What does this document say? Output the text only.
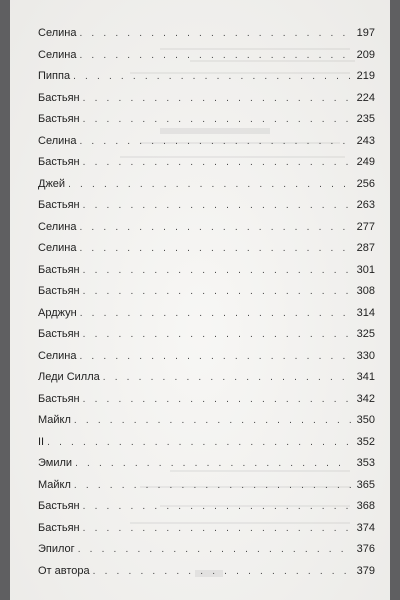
Селина . . .	197
Селина . . .	209
Пиппа . . .	219
Бастьян . . .	224
Бастьян . . .	235
Селина . . .	243
Бастьян . . .	249
Джей . . .	256
Бастьян . . .	263
Селина . . .	277
Селина . . .	287
Бастьян . . .	301
Бастьян . . .	308
Арджун . . .	314
Бастьян . . .	325
Селина . . .	330
Леди Силла . . .	341
Бастьян . . .	342
Майкл . . .	350
II . . .	352
Эмили . . .	353
Майкл . . .	365
Бастьян . . .	368
Бастьян . . .	374
Эпилог . . .	376
От автора . . .	379
